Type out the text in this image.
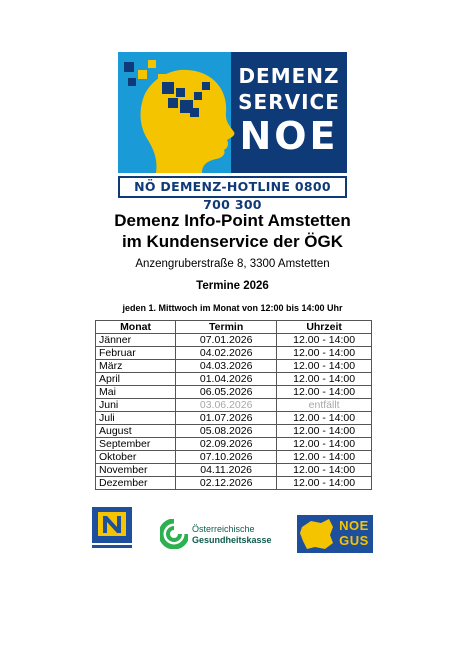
DEMENZ
SERVICE
NOE
NÖ DEMENZ-HOTLINE 0800 700 300
Demenz Info-Point Amstetten
im Kundenservice der ÖGK
Anzengruberstraße 8, 3300 Amstetten
Termine 2026
jeden 1. Mittwoch im Monat von 12:00 bis 14:00 Uhr
Monat	Termin	Uhrzeit
Jänner	07.01.2026	12.00 - 14:00
Februar	04.02.2026	12.00 - 14:00
März	04.03.2026	12.00 - 14:00
April	01.04.2026	12.00 - 14:00
Mai	06.05.2026	12.00 - 14:00
Juni	03.06.2026	entfällt
Juli	01.07.2026	12.00 - 14:00
August	05.08.2026	12.00 - 14:00
September	02.09.2026	12.00 - 14:00
Oktober	07.10.2026	12.00 - 14:00
November	04.11.2026	12.00 - 14:00
Dezember	02.12.2026	12.00 - 14:00
Österreichische
Gesundheitskasse
NOE
GUS
